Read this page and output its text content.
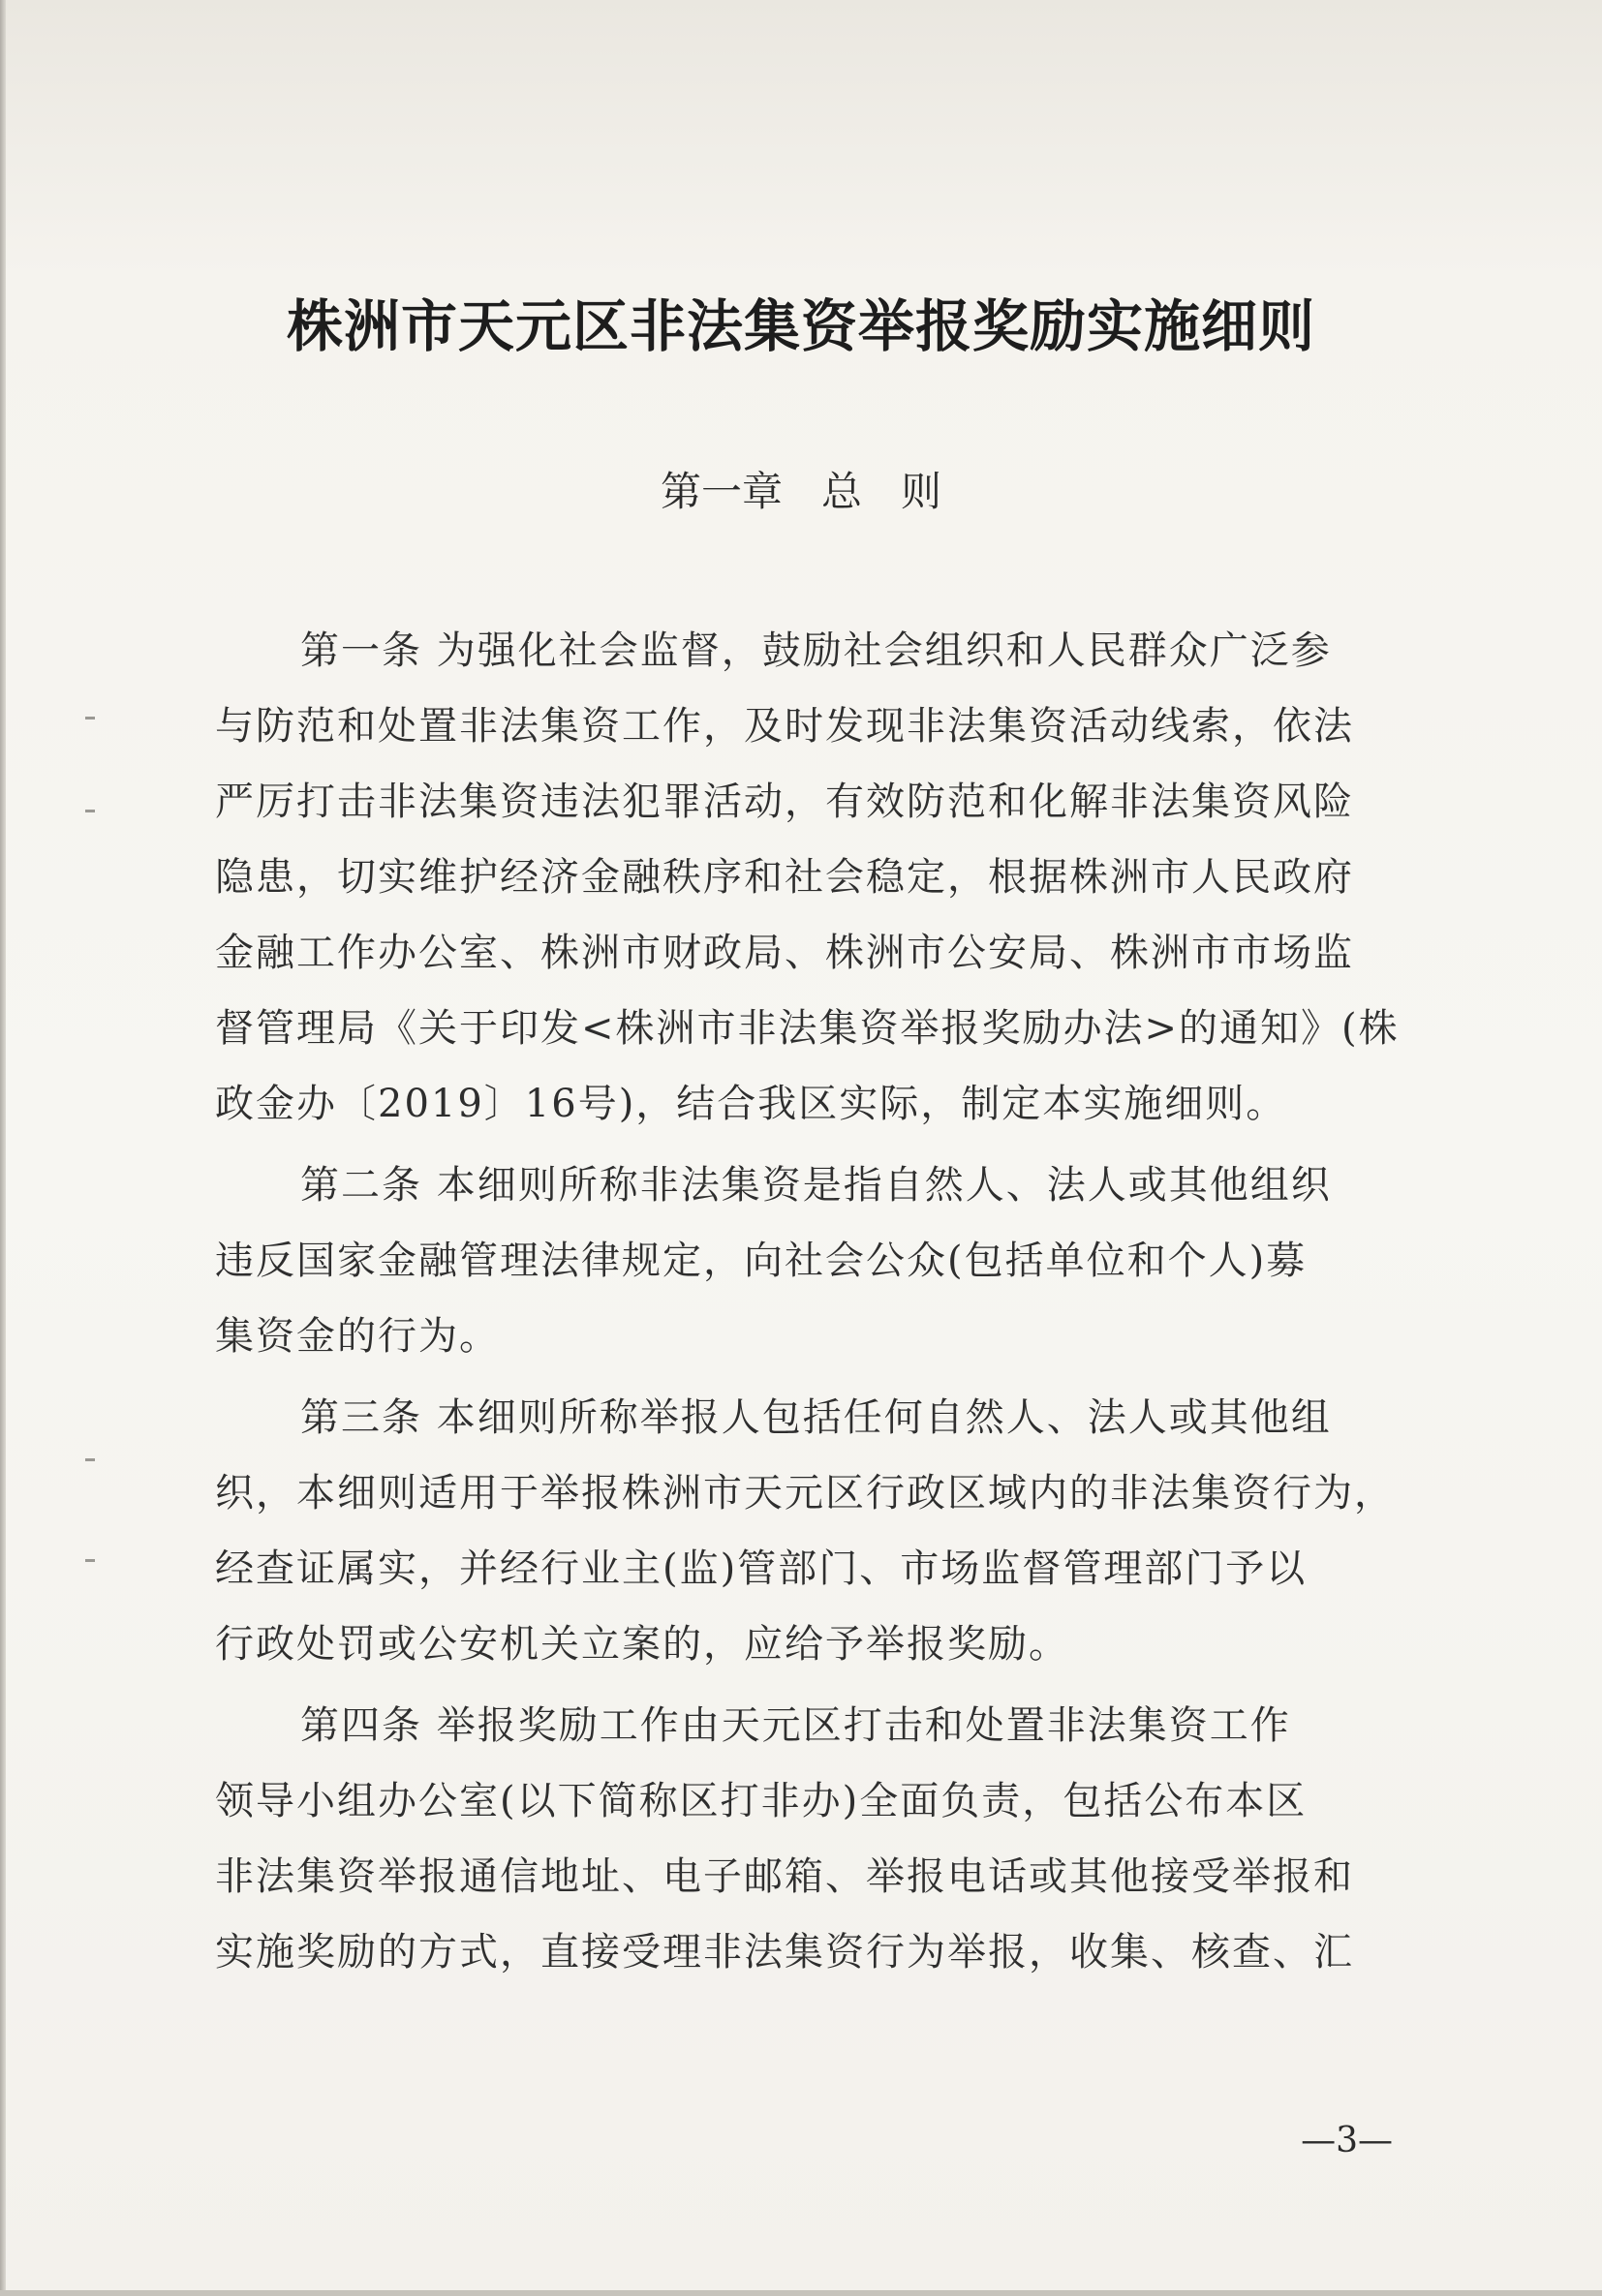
株洲市天元区非法集资举报奖励实施细则
第一章   总   则
第一条 为强化社会监督，鼓励社会组织和人民群众广泛参
与防范和处置非法集资工作，及时发现非法集资活动线索，依法
严厉打击非法集资违法犯罪活动，有效防范和化解非法集资风险
隐患，切实维护经济金融秩序和社会稳定，根据株洲市人民政府
金融工作办公室、株洲市财政局、株洲市公安局、株洲市市场监
督管理局《关于印发<株洲市非法集资举报奖励办法>的通知》(株
政金办〔2019〕16号)，结合我区实际，制定本实施细则。
第二条 本细则所称非法集资是指自然人、法人或其他组织
违反国家金融管理法律规定，向社会公众(包括单位和个人)募
集资金的行为。
第三条 本细则所称举报人包括任何自然人、法人或其他组
织，本细则适用于举报株洲市天元区行政区域内的非法集资行为，
经查证属实，并经行业主(监)管部门、市场监督管理部门予以
行政处罚或公安机关立案的，应给予举报奖励。
第四条 举报奖励工作由天元区打击和处置非法集资工作
领导小组办公室(以下简称区打非办)全面负责，包括公布本区
非法集资举报通信地址、电子邮箱、举报电话或其他接受举报和
实施奖励的方式，直接受理非法集资行为举报，收集、核查、汇
—3—
